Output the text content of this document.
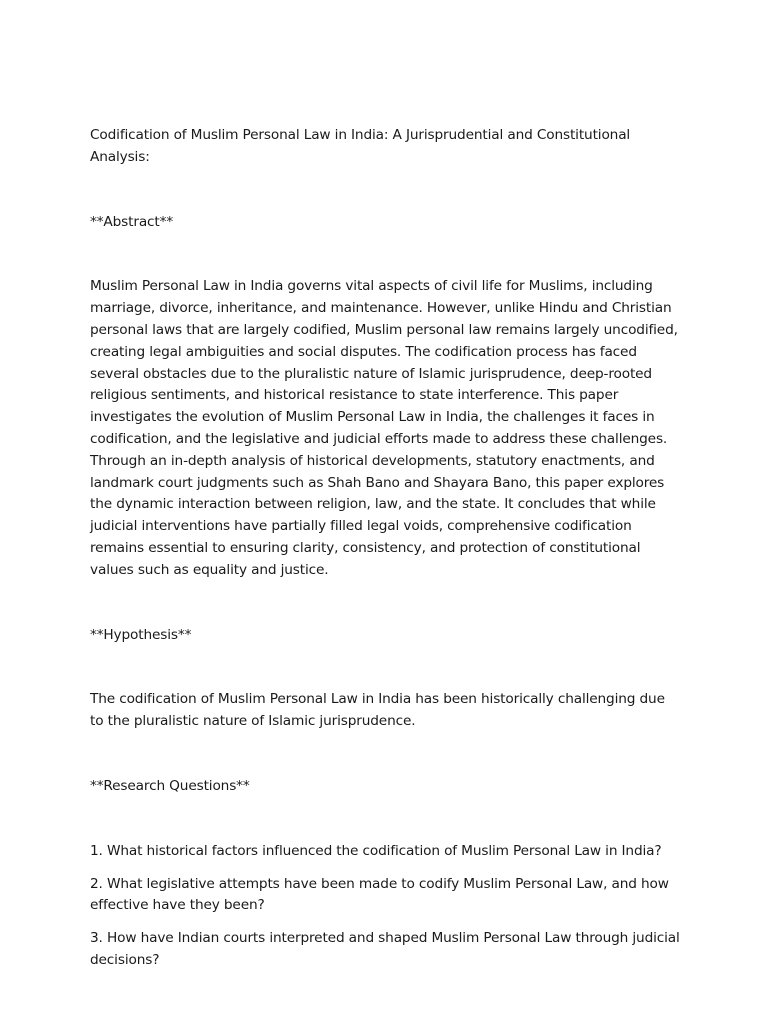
Codification of Muslim Personal Law in India: A Jurisprudential and Constitutional Analysis:

**Abstract**

Muslim Personal Law in India governs vital aspects of civil life for Muslims, including marriage, divorce, inheritance, and maintenance. However, unlike Hindu and Christian personal laws that are largely codified, Muslim personal law remains largely uncodified, creating legal ambiguities and social disputes. The codification process has faced several obstacles due to the pluralistic nature of Islamic jurisprudence, deep-rooted religious sentiments, and historical resistance to state interference. This paper investigates the evolution of Muslim Personal Law in India, the challenges it faces in codification, and the legislative and judicial efforts made to address these challenges. Through an in-depth analysis of historical developments, statutory enactments, and landmark court judgments such as Shah Bano and Shayara Bano, this paper explores the dynamic interaction between religion, law, and the state. It concludes that while judicial interventions have partially filled legal voids, comprehensive codification remains essential to ensuring clarity, consistency, and protection of constitutional values such as equality and justice.

**Hypothesis**

The codification of Muslim Personal Law in India has been historically challenging due to the pluralistic nature of Islamic jurisprudence.

**Research Questions**

1. What historical factors influenced the codification of Muslim Personal Law in India?

2. What legislative attempts have been made to codify Muslim Personal Law, and how effective have they been?

3. How have Indian courts interpreted and shaped Muslim Personal Law through judicial decisions?
